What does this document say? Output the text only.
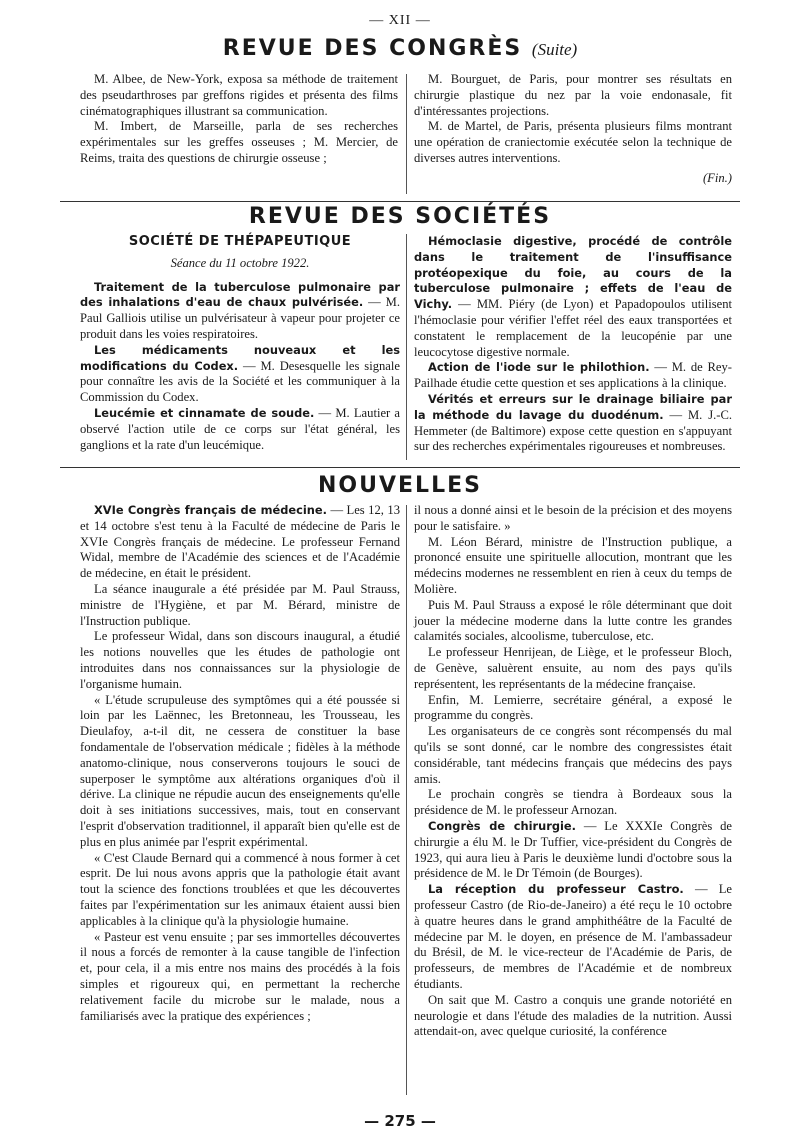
— XII —
REVUE DES CONGRÈS (Suite)

M. Albee, de New-York, exposa sa méthode de traitement des pseudarthroses par greffons rigides et présenta des films cinématographiques illustrant sa communication.

M. Imbert, de Marseille, parla de ses recherches expérimentales sur les greffes osseuses ; M. Mercier, de Reims, traita des questions de chirurgie osseuse ;

M. Bourguet, de Paris, pour montrer ses résultats en chirurgie plastique du nez par la voie endonasale, fit d'intéressantes projections.

M. de Martel, de Paris, présenta plusieurs films montrant une opération de craniectomie exécutée selon la technique de diverses autres interventions.

(Fin.)
REVUE DES SOCIÉTÉS
SOCIÉTÉ DE THÉPAPEUTIQUE
Séance du 11 octobre 1922.

Traitement de la tuberculose pulmonaire par des inhalations d'eau de chaux pulvérisée. — M. Paul Galliois utilise un pulvérisateur à vapeur pour projeter ce produit dans les voies respiratoires.

Les médicaments nouveaux et les modifications du Codex. — M. Desesquelle les signale pour connaître les avis de la Société et les communiquer à la Commission du Codex.

Leucémie et cinnamate de soude. — M. Lautier a observé l'action utile de ce corps sur l'état général, les ganglions et la rate d'un leucémique.

Hémoclasie digestive, procédé de contrôle dans le traitement de l'insuffisance protéopexique du foie, au cours de la tuberculose pulmonaire ; effets de l'eau de Vichy. — MM. Piéry (de Lyon) et Papadopoulos utilisent l'hémoclasie pour vérifier l'effet réel des eaux transportées et constatent le remplacement de la leucopénie par une leucocytose digestive normale.

Action de l'iode sur le philothion. — M. de Rey-Pailhade étudie cette question et ses applications à la clinique.

Vérités et erreurs sur le drainage biliaire par la méthode du lavage du duodénum. — M. J.-C. Hemmeter (de Baltimore) expose cette question en s'appuyant sur des recherches expérimentales rigoureuses et nombreuses.

NOUVELLES

XVIe Congrès français de médecine. — Les 12, 13 et 14 octobre s'est tenu à la Faculté de médecine de Paris le XVIe Congrès français de médecine. Le professeur Fernand Widal, membre de l'Académie des sciences et de l'Académie de médecine, en était le président.

La séance inaugurale a été présidée par M. Paul Strauss, ministre de l'Hygiène, et par M. Bérard, ministre de l'Instruction publique.

Le professeur Widal, dans son discours inaugural, a étudié les notions nouvelles que les études de pathologie ont introduites dans nos connaissances sur la physiologie de l'organisme humain.

« L'étude scrupuleuse des symptômes qui a été poussée si loin par les Laënnec, les Bretonneau, les Trousseau, les Dieulafoy, a-t-il dit, ne cessera de constituer la base fondamentale de l'observation médicale ; fidèles à la méthode anatomo-clinique, nous conserverons toujours le souci de superposer le symptôme aux altérations organiques d'où il dérive. La clinique ne répudie aucun des enseignements qu'elle doit à ses initiations successives, mais, tout en conservant l'esprit d'observation traditionnel, il apparaît bien qu'elle est de plus en plus animée par l'esprit expérimental.

« C'est Claude Bernard qui a commencé à nous former à cet esprit. De lui nous avons appris que la pathologie était avant tout la science des fonctions troublées et que les découvertes faites par l'expérimentation sur les animaux étaient aussi bien applicables à la clinique qu'à la physiologie humaine.

« Pasteur est venu ensuite ; par ses immortelles découvertes il nous a forcés de remonter à la cause tangible de l'infection et, pour cela, il a mis entre nos mains des procédés à la fois simples et rigoureux qui, en permettant la recherche relativement facile du microbe sur le malade, nous a familiarisés avec la pratique des expériences ;

il nous a donné ainsi et le besoin de la précision et des moyens pour le satisfaire. »

M. Léon Bérard, ministre de l'Instruction publique, a prononcé ensuite une spirituelle allocution, montrant que les médecins modernes ne ressemblent en rien à ceux du temps de Molière.

Puis M. Paul Strauss a exposé le rôle déterminant que doit jouer la médecine moderne dans la lutte contre les grandes calamités sociales, alcoolisme, tuberculose, etc.

Le professeur Henrijean, de Liège, et le professeur Bloch, de Genève, saluèrent ensuite, au nom des pays qu'ils représentent, les représentants de la médecine française.

Enfin, M. Lemierre, secrétaire général, a exposé le programme du congrès.

Les organisateurs de ce congrès sont récompensés du mal qu'ils se sont donné, car le nombre des congressistes était considérable, tant médecins français que médecins des pays amis.

Le prochain congrès se tiendra à Bordeaux sous la présidence de M. le professeur Arnozan.

Congrès de chirurgie. — Le XXXIe Congrès de chirurgie a élu M. le Dr Tuffier, vice-président du Congrès de 1923, qui aura lieu à Paris le deuxième lundi d'octobre sous la présidence de M. le Dr Témoin (de Bourges).

La réception du professeur Castro. — Le professeur Castro (de Rio-de-Janeiro) a été reçu le 10 octobre à quatre heures dans le grand amphithéâtre de la Faculté de médecine par M. le doyen, en présence de M. l'ambassadeur du Brésil, de M. le vice-recteur de l'Académie de Paris, de professeurs, de membres de l'Académie et de nombreux étudiants.

On sait que M. Castro a conquis une grande notoriété en neurologie et dans l'étude des maladies de la nutrition. Aussi attendait-on, avec quelque curiosité, la conférence

— 275 —
